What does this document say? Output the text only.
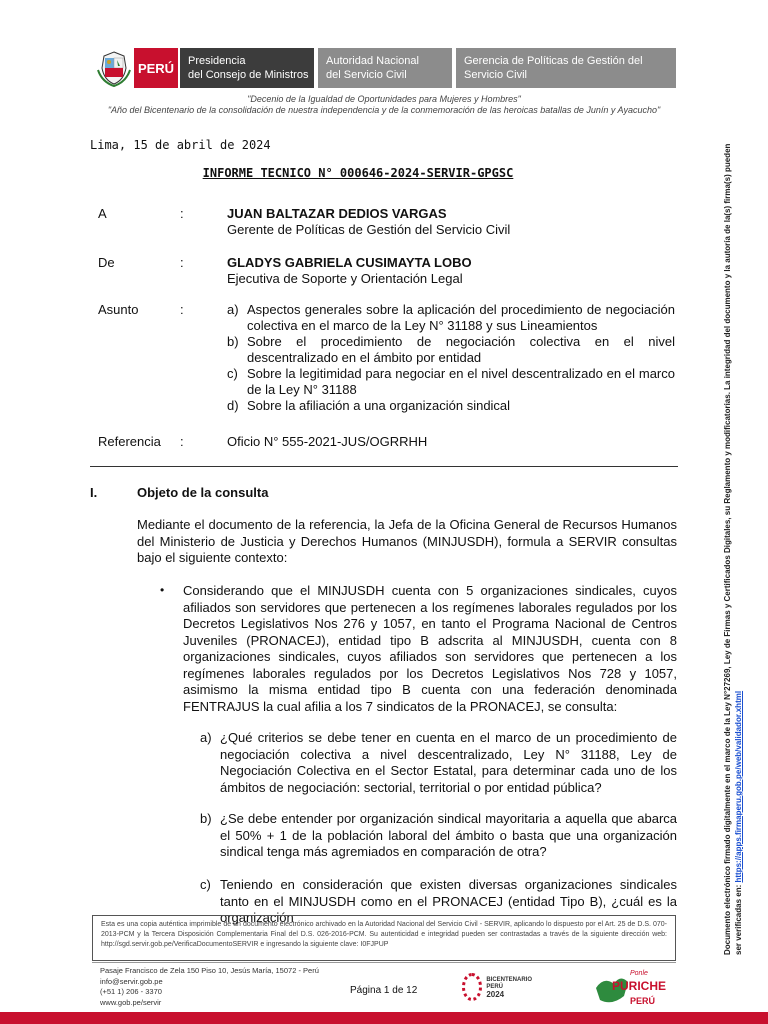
PERÚ	Presidencia
del Consejo de Ministros
Autoridad Nacional
del Servicio Civil
Gerencia de Políticas de Gestión del
Servicio Civil
"Decenio de la Igualdad de Oportunidades para Mujeres y Hombres"
"Año del Bicentenario de la consolidación de nuestra independencia y de la conmemoración de las heroicas batallas de Junín y Ayacucho"
Lima, 15 de abril de 2024
INFORME TECNICO N° 000646-2024-SERVIR-GPGSC
A	:	JUAN BALTAZAR DEDIOS VARGAS
Gerente de Políticas de Gestión del Servicio Civil
De	:	GLADYS GABRIELA CUSIMAYTA LOBO
Ejecutiva de Soporte y Orientación Legal
Asunto	:	a) Aspectos generales sobre la aplicación del procedimiento de negociación colectiva en el marco de la Ley N° 31188 y sus Lineamientos
b) Sobre el procedimiento de negociación colectiva en el nivel descentralizado en el ámbito por entidad
c) Sobre la legitimidad para negociar en el nivel descentralizado en el marco de la Ley N° 31188
d) Sobre la afiliación a una organización sindical
Referencia :	Oficio N° 555-2021-JUS/OGRRHH
I.	Objeto de la consulta
Mediante el documento de la referencia, la Jefa de la Oficina General de Recursos Humanos del Ministerio de Justicia y Derechos Humanos (MINJUSDH), formula a SERVIR consultas bajo el siguiente contexto:
• Considerando que el MINJUSDH cuenta con 5 organizaciones sindicales, cuyos afiliados son servidores que pertenecen a los regímenes laborales regulados por los Decretos Legislativos Nos 276 y 1057, en tanto el Programa Nacional de Centros Juveniles (PRONACEJ), entidad tipo B adscrita al MINJUSDH, cuenta con 8 organizaciones sindicales, cuyos afiliados son servidores que pertenecen a los regímenes laborales regulados por los Decretos Legislativos Nos 728 y 1057, asimismo la misma entidad tipo B cuenta con una federación denominada FENTRAJUS la cual afilia a los 7 sindicatos de la PRONACEJ, se consulta:
a) ¿Qué criterios se debe tener en cuenta en el marco de un procedimiento de negociación colectiva a nivel descentralizado, Ley N° 31188, Ley de Negociación Colectiva en el Sector Estatal, para determinar cada uno de los ámbitos de negociación: sectorial, territorial o por entidad pública?
b) ¿Se debe entender por organización sindical mayoritaria a aquella que abarca el 50% + 1 de la población laboral del ámbito o basta que una organización sindical tenga más agremiados en comparación de otra?
c) Teniendo en consideración que existen diversas organizaciones sindicales tanto en el MINJUSDH como en el PRONACEJ (entidad Tipo B), ¿cuál es la organización
Esta es una copia auténtica imprimible de un documento electrónico archivado en la Autoridad Nacional del Servicio Civil - SERVIR, aplicando lo dispuesto por el Art. 25 de D.S. 070-2013-PCM y la Tercera Disposición Complementaria Final del D.S. 026-2016-PCM. Su autenticidad e integridad pueden ser contrastadas a través de la siguiente dirección web: http://sgd.servir.gob.pe/VerificaDocumentoSERVIR e ingresando la siguiente clave: I0FJPUP
Pasaje Francisco de Zela 150 Piso 10, Jesús María, 15072 - Perú
info@servir.gob.pe
(+51 1) 206 - 3370
www.gob.pe/servir
Página 1 de 12
BICENTENARIO
PERÚ
2024
Ponle
PURICHE
PERÚ
Documento electrónico firmado digitalmente en el marco de la Ley N°27269, Ley de Firmas y Certificados Digitales, su Reglamento y modificatorias. La integridad del documento y la autoría de la(s) firma(s) pueden ser verificadas en: https://apps.firmaperu.gob.pe/web/validador.xhtml
